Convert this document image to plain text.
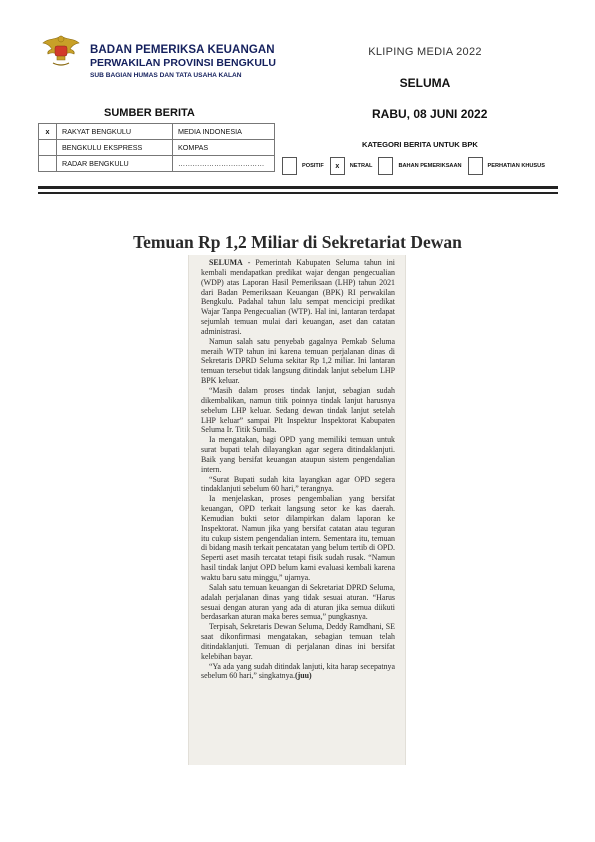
BADAN PEMERIKSA KEUANGAN
PERWAKILAN PROVINSI BENGKULU
SUB BAGIAN HUMAS DAN TATA USAHA KALAN
KLIPING MEDIA 2022
SELUMA
RABU, 08 JUNI 2022
SUMBER BERITA
x	RAKYAT BENGKULU	MEDIA INDONESIA
	BENGKULU EKSPRESS	KOMPAS
	RADAR BENGKULU	………………………………
KATEGORI BERITA UNTUK BPK
POSITIF	x	NETRAL	BAHAN PEMERIKSAAN	PERHATIAN KHUSUS
Temuan Rp 1,2 Miliar di Sekretariat Dewan

SELUMA - Pemerintah Kabupaten Seluma tahun ini kembali mendapatkan predikat wajar dengan pengecualian (WDP) atas Laporan Hasil Pemeriksaan (LHP) tahun 2021 dari Badan Pemeriksaan Keuangan (BPK) RI perwakilan Bengkulu. Padahal tahun lalu sempat mencicipi predikat Wajar Tanpa Pengecualian (WTP). Hal ini, lantaran terdapat sejumlah temuan mulai dari keuangan, aset dan catatan administrasi.

Namun salah satu penyebab gagalnya Pemkab Seluma meraih WTP tahun ini karena temuan perjalanan dinas di Sekretaris DPRD Seluma sekitar Rp 1,2 miliar. Ini lantaran temuan tersebut tidak langsung ditindak lanjut sebelum LHP BPK keluar.

“Masih dalam proses tindak lanjut, sebagian sudah dikembalikan, namun titik poinnya tindak lanjut harusnya sebelum LHP keluar. Sedang dewan tindak lanjut setelah LHP keluar” sampai Plt Inspektur Inspektorat Kabupaten Seluma Ir. Titik Sumila.

Ia mengatakan, bagi OPD yang memiliki temuan untuk surat bupati telah dilayangkan agar segera ditindaklanjuti. Baik yang bersifat keuangan ataupun sistem pengendalian intern.

“Surat Bupati sudah kita layangkan agar OPD segera tindaklanjuti sebelum 60 hari,” terangnya.

Ia menjelaskan, proses pengembalian yang bersifat keuangan, OPD terkait langsung setor ke kas daerah. Kemudian bukti setor dilampirkan dalam laporan ke Inspektorat. Namun jika yang bersifat catatan atau teguran itu cukup sistem pengendalian intern. Sementara itu, temuan di bidang masih terkait pencatatan yang belum tertib di OPD. Seperti aset masih tercatat tetapi fisik sudah rusak. “Namun hasil tindak lanjut OPD belum kami evaluasi kembali karena waktu baru satu minggu,” ujarnya.

Salah satu temuan keuangan di Sekretariat DPRD Seluma, adalah perjalanan dinas yang tidak sesuai aturan. “Harus sesuai dengan aturan yang ada di aturan jika semua diikuti berdasarkan aturan maka beres semua,” pungkasnya.

Terpisah, Sekretaris Dewan Seluma, Deddy Ramdhani, SE saat dikonfirmasi mengatakan, sebagian temuan telah ditindaklanjuti. Temuan di perjalanan dinas ini bersifat kelebihan bayar.

“Ya ada yang sudah ditindak lanjuti, kita harap secepatnya sebelum 60 hari,” singkatnya.(juu)
